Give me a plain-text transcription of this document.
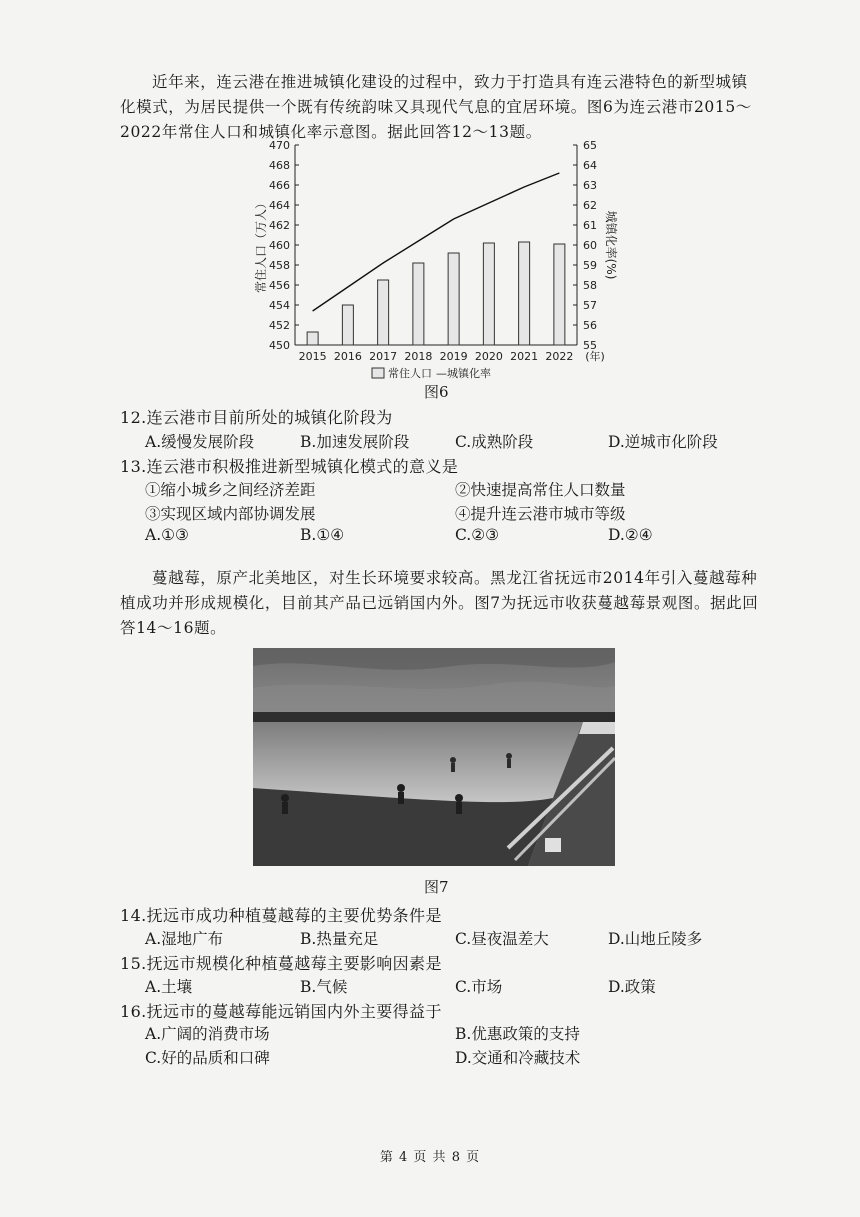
近年来，连云港在推进城镇化建设的过程中，致力于打造具有连云港特色的新型城镇化模式，为居民提供一个既有传统韵味又具现代气息的宜居环境。图6为连云港市2015～2022年常住人口和城镇化率示意图。据此回答12～13题。

450
452
454
456
458
460
462
464
466
468
470
55
56
57
58
59
60
61
62
63
64
65
2015 2016 2017 2018 2019 2020 2021 2022 (年)
常住人口（万人）	城镇化率(%)
常住人口 —城镇化率
图6
12.连云港市目前所处的城镇化阶段为
A.缓慢发展阶段	B.加速发展阶段	C.成熟阶段	D.逆城市化阶段
13.连云港市积极推进新型城镇化模式的意义是
①缩小城乡之间经济差距	②快速提高常住人口数量
③实现区域内部协调发展	④提升连云港市城市等级
A.①③	B.①④	C.②③	D.②④

蔓越莓，原产北美地区，对生长环境要求较高。黑龙江省抚远市2014年引入蔓越莓种植成功并形成规模化，目前其产品已远销国内外。图7为抚远市收获蔓越莓景观图。据此回答14～16题。

图7
14.抚远市成功种植蔓越莓的主要优势条件是
A.湿地广布	B.热量充足	C.昼夜温差大	D.山地丘陵多
15.抚远市规模化种植蔓越莓主要影响因素是
A.土壤	B.气候	C.市场	D.政策
16.抚远市的蔓越莓能远销国内外主要得益于
A.广阔的消费市场	B.优惠政策的支持
C.好的品质和口碑	D.交通和冷藏技术
第 4 页 共 8 页
